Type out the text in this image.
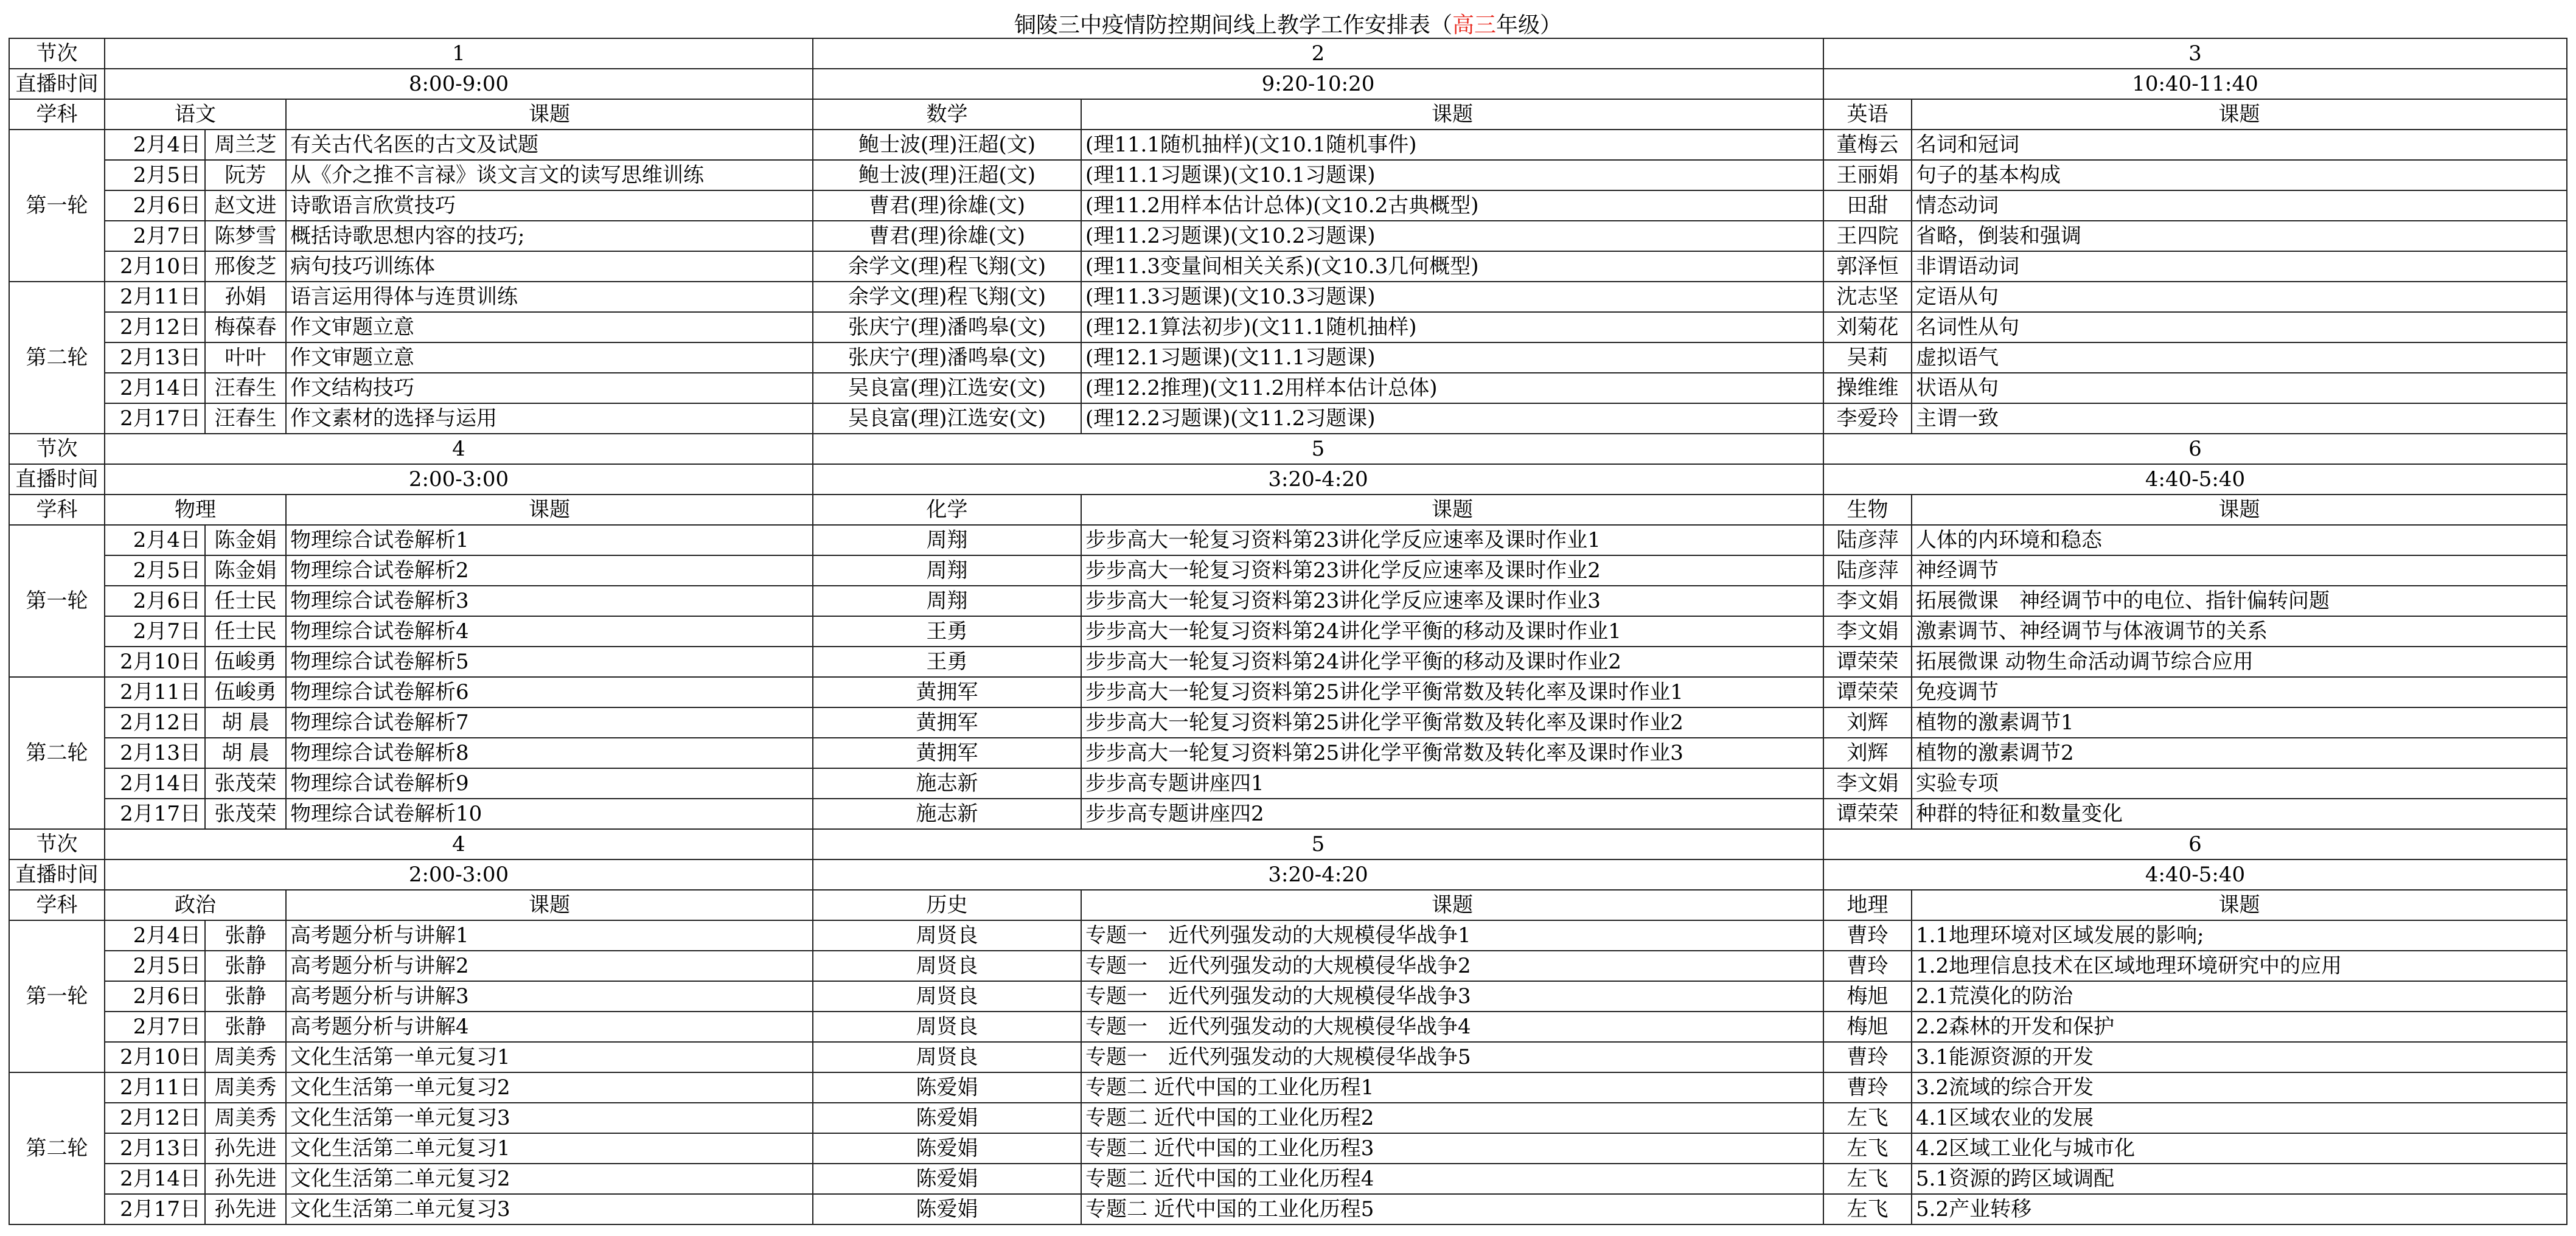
铜陵三中疫情防控期间线上教学工作安排表（高三年级）							
节次	1			2		3	
直播时间	8:00-9:00			9:20-10:20		10:40-11:40	
学科	语文		课题	数学	课题	英语	课题
第一轮	2月4日	周兰芝	有关古代名医的古文及试题	鲍士波(理)汪超(文)	(理11.1随机抽样)(文10.1随机事件)	董梅云	名词和冠词
	2月5日	阮芳	从《介之推不言禄》谈文言文的读写思维训练	鲍士波(理)汪超(文)	(理11.1习题课)(文10.1习题课)	王丽娟	句子的基本构成
	2月6日	赵文进	诗歌语言欣赏技巧	曹君(理)徐雄(文)	(理11.2用样本估计总体)(文10.2古典概型)	田甜	情态动词
	2月7日	陈梦雪	概括诗歌思想内容的技巧;	曹君(理)徐雄(文)	(理11.2习题课)(文10.2习题课)	王四院	省略，倒装和强调
	2月10日	邢俊芝	病句技巧训练体	余学文(理)程飞翔(文)	(理11.3变量间相关关系)(文10.3几何概型)	郭泽恒	非谓语动词
第二轮	2月11日	孙娟	语言运用得体与连贯训练	余学文(理)程飞翔(文)	(理11.3习题课)(文10.3习题课)	沈志坚	定语从句
	2月12日	梅葆春	作文审题立意	张庆宁(理)潘鸣皋(文)	(理12.1算法初步)(文11.1随机抽样)	刘菊花	名词性从句
	2月13日	叶叶	作文审题立意	张庆宁(理)潘鸣皋(文)	(理12.1习题课)(文11.1习题课)	吴莉	虚拟语气
	2月14日	汪春生	作文结构技巧	吴良富(理)江选安(文)	(理12.2推理)(文11.2用样本估计总体)	操维维	状语从句
	2月17日	汪春生	作文素材的选择与运用	吴良富(理)江选安(文)	(理12.2习题课)(文11.2习题课)	李爱玲	主谓一致
节次	4			5		6	
直播时间	2:00-3:00			3:20-4:20		4:40-5:40	
学科	物理		课题	化学	课题	生物	课题
第一轮	2月4日	陈金娟	物理综合试卷解析1	周翔	步步高大一轮复习资料第23讲化学反应速率及课时作业1	陆彦萍	人体的内环境和稳态
	2月5日	陈金娟	物理综合试卷解析2	周翔	步步高大一轮复习资料第23讲化学反应速率及课时作业2	陆彦萍	神经调节
	2月6日	任士民	物理综合试卷解析3	周翔	步步高大一轮复习资料第23讲化学反应速率及课时作业3	李文娟	拓展微课　神经调节中的电位、指针偏转问题
	2月7日	任士民	物理综合试卷解析4	王勇	步步高大一轮复习资料第24讲化学平衡的移动及课时作业1	李文娟	激素调节、神经调节与体液调节的关系
	2月10日	伍峻勇	物理综合试卷解析5	王勇	步步高大一轮复习资料第24讲化学平衡的移动及课时作业2	谭荣荣	拓展微课 动物生命活动调节综合应用
第二轮	2月11日	伍峻勇	物理综合试卷解析6	黄拥军	步步高大一轮复习资料第25讲化学平衡常数及转化率及课时作业1	谭荣荣	免疫调节
	2月12日	胡 晨	物理综合试卷解析7	黄拥军	步步高大一轮复习资料第25讲化学平衡常数及转化率及课时作业2	刘辉	植物的激素调节1
	2月13日	胡 晨	物理综合试卷解析8	黄拥军	步步高大一轮复习资料第25讲化学平衡常数及转化率及课时作业3	刘辉	植物的激素调节2
	2月14日	张茂荣	物理综合试卷解析9	施志新	步步高专题讲座四1	李文娟	实验专项
	2月17日	张茂荣	物理综合试卷解析10	施志新	步步高专题讲座四2	谭荣荣	种群的特征和数量变化
节次	4			5		6	
直播时间	2:00-3:00			3:20-4:20		4:40-5:40	
学科	政治		课题	历史	课题	地理	课题
第一轮	2月4日	张静	高考题分析与讲解1	周贤良	专题一　近代列强发动的大规模侵华战争1	曹玲	1.1地理环境对区域发展的影响;
	2月5日	张静	高考题分析与讲解2	周贤良	专题一　近代列强发动的大规模侵华战争2	曹玲	1.2地理信息技术在区域地理环境研究中的应用
	2月6日	张静	高考题分析与讲解3	周贤良	专题一　近代列强发动的大规模侵华战争3	梅旭	2.1荒漠化的防治
	2月7日	张静	高考题分析与讲解4	周贤良	专题一　近代列强发动的大规模侵华战争4	梅旭	2.2森林的开发和保护
	2月10日	周美秀	文化生活第一单元复习1	周贤良	专题一　近代列强发动的大规模侵华战争5	曹玲	3.1能源资源的开发
第二轮	2月11日	周美秀	文化生活第一单元复习2	陈爱娟	专题二 近代中国的工业化历程1	曹玲	3.2流域的综合开发
	2月12日	周美秀	文化生活第一单元复习3	陈爱娟	专题二 近代中国的工业化历程2	左飞	4.1区域农业的发展
	2月13日	孙先进	文化生活第二单元复习1	陈爱娟	专题二 近代中国的工业化历程3	左飞	4.2区域工业化与城市化
	2月14日	孙先进	文化生活第二单元复习2	陈爱娟	专题二 近代中国的工业化历程4	左飞	5.1资源的跨区域调配
	2月17日	孙先进	文化生活第二单元复习3	陈爱娟	专题二 近代中国的工业化历程5	左飞	5.2产业转移
